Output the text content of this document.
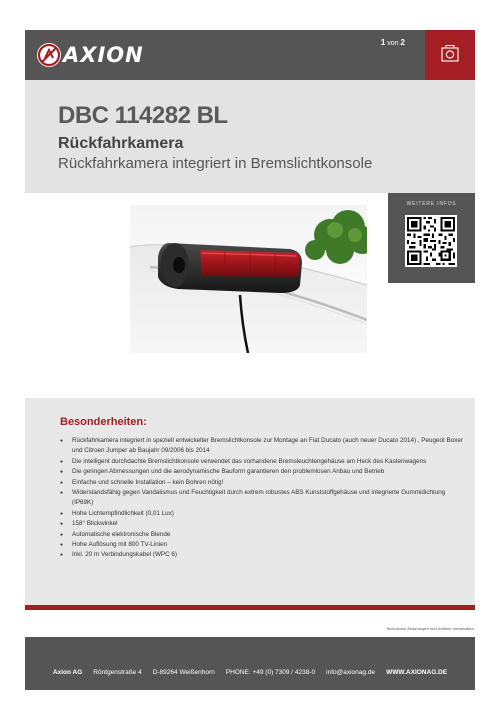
AXION
1 von 2
DBC 114282 BL
Rückfahrkamera
Rückfahrkamera integriert in Bremslichtkonsole
WEITERE INFOS
Besonderheiten:
● Rückfahrkamera integriert in speziell entwickelter Bremslichtkonsole zur Montage an Fiat Ducato (auch neuer Ducato 2014) , Peugeot Boxer und Citroen Jumper ab Baujahr 09/2006 bis 2014
● Die intelligent durchdachte Bremslichtkonsole verwendet das vorhandene Bremsleuchtengehäuse am Heck des Kastenwagens
● Die geringen Abmessungen und die aerodynamische Bauform garantieren den problemlosen Anbau und Betrieb
● Einfache und schnelle Installation – kein Bohren nötig!
● Widerstandsfähig gegen Vandalismus und Feuchtigkeit durch extrem robustes ABS Kunststoffgehäuse und integrierte Gummidichtung (IP69K)
● Hohe Lichtempfindlichkeit (0,01 Lux)
● 158° Blickwinkel
● Automatische elektronische Blende
● Hohe Auflösung mit 800 TV-Linien
● Inkl. 20 m Verbindungskabel (WPC 6)
Technische Änderungen und Irrtümer vorbehalten.
Axion AG Röntgenstraße 4 D-89264 Weißenhorn PHONE: +49 (0) 7309 / 4238-0 info@axionag.de WWW.AXIONAG.DE
